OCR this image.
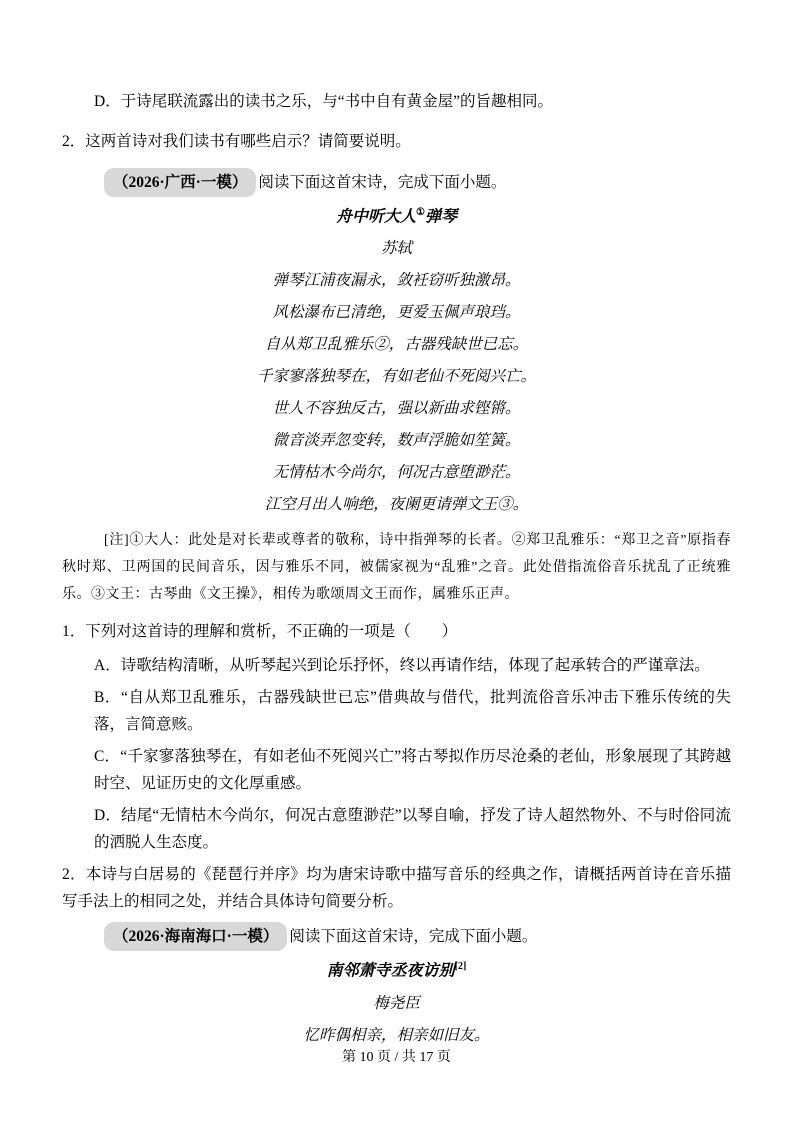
D．于诗尾联流露出的读书之乐，与“书中自有黄金屋”的旨趣相同。

2．这两首诗对我们读书有哪些启示？请简要说明。

（2026·广西·一模） 阅读下面这首宋诗，完成下面小题。

舟中听大人①弹琴

苏轼

弹琴江浦夜漏永，敛衽窃听独激昂。

风松瀑布已清绝，更爱玉佩声琅珰。

自从郑卫乱雅乐②，古器残缺世已忘。

千家寥落独琴在，有如老仙不死阅兴亡。

世人不容独反古，强以新曲求铿锵。

微音淡弄忽变转，数声浮脆如笙簧。

无情枯木今尚尔，何况古意堕渺茫。

江空月出人响绝，夜阑更请弹文王③。

[注]①大人：此处是对长辈或尊者的敬称，诗中指弹琴的长者。②郑卫乱雅乐：“郑卫之音”原指春秋时郑、卫两国的民间音乐，因与雅乐不同，被儒家视为“乱雅”之音。此处借指流俗音乐扰乱了正统雅乐。③文王：古琴曲《文王操》，相传为歌颂周文王而作，属雅乐正声。

1．下列对这首诗的理解和赏析，不正确的一项是（　　）

A．诗歌结构清晰，从听琴起兴到论乐抒怀，终以再请作结，体现了起承转合的严谨章法。

B．“自从郑卫乱雅乐，古器残缺世已忘”借典故与借代，批判流俗音乐冲击下雅乐传统的失落，言简意赅。

C．“千家寥落独琴在，有如老仙不死阅兴亡”将古琴拟作历尽沧桑的老仙，形象展现了其跨越时空、见证历史的文化厚重感。

D．结尾“无情枯木今尚尔，何况古意堕渺茫”以琴自喻，抒发了诗人超然物外、不与时俗同流的洒脱人生态度。

2．本诗与白居易的《琵琶行并序》均为唐宋诗歌中描写音乐的经典之作，请概括两首诗在音乐描写手法上的相同之处，并结合具体诗句简要分析。

（2026·海南海口·一模） 阅读下面这首宋诗，完成下面小题。

南邻萧寺丞夜访别[2]

梅尧臣

忆昨偶相亲，相亲如旧友。

第 10 页 / 共 17 页
